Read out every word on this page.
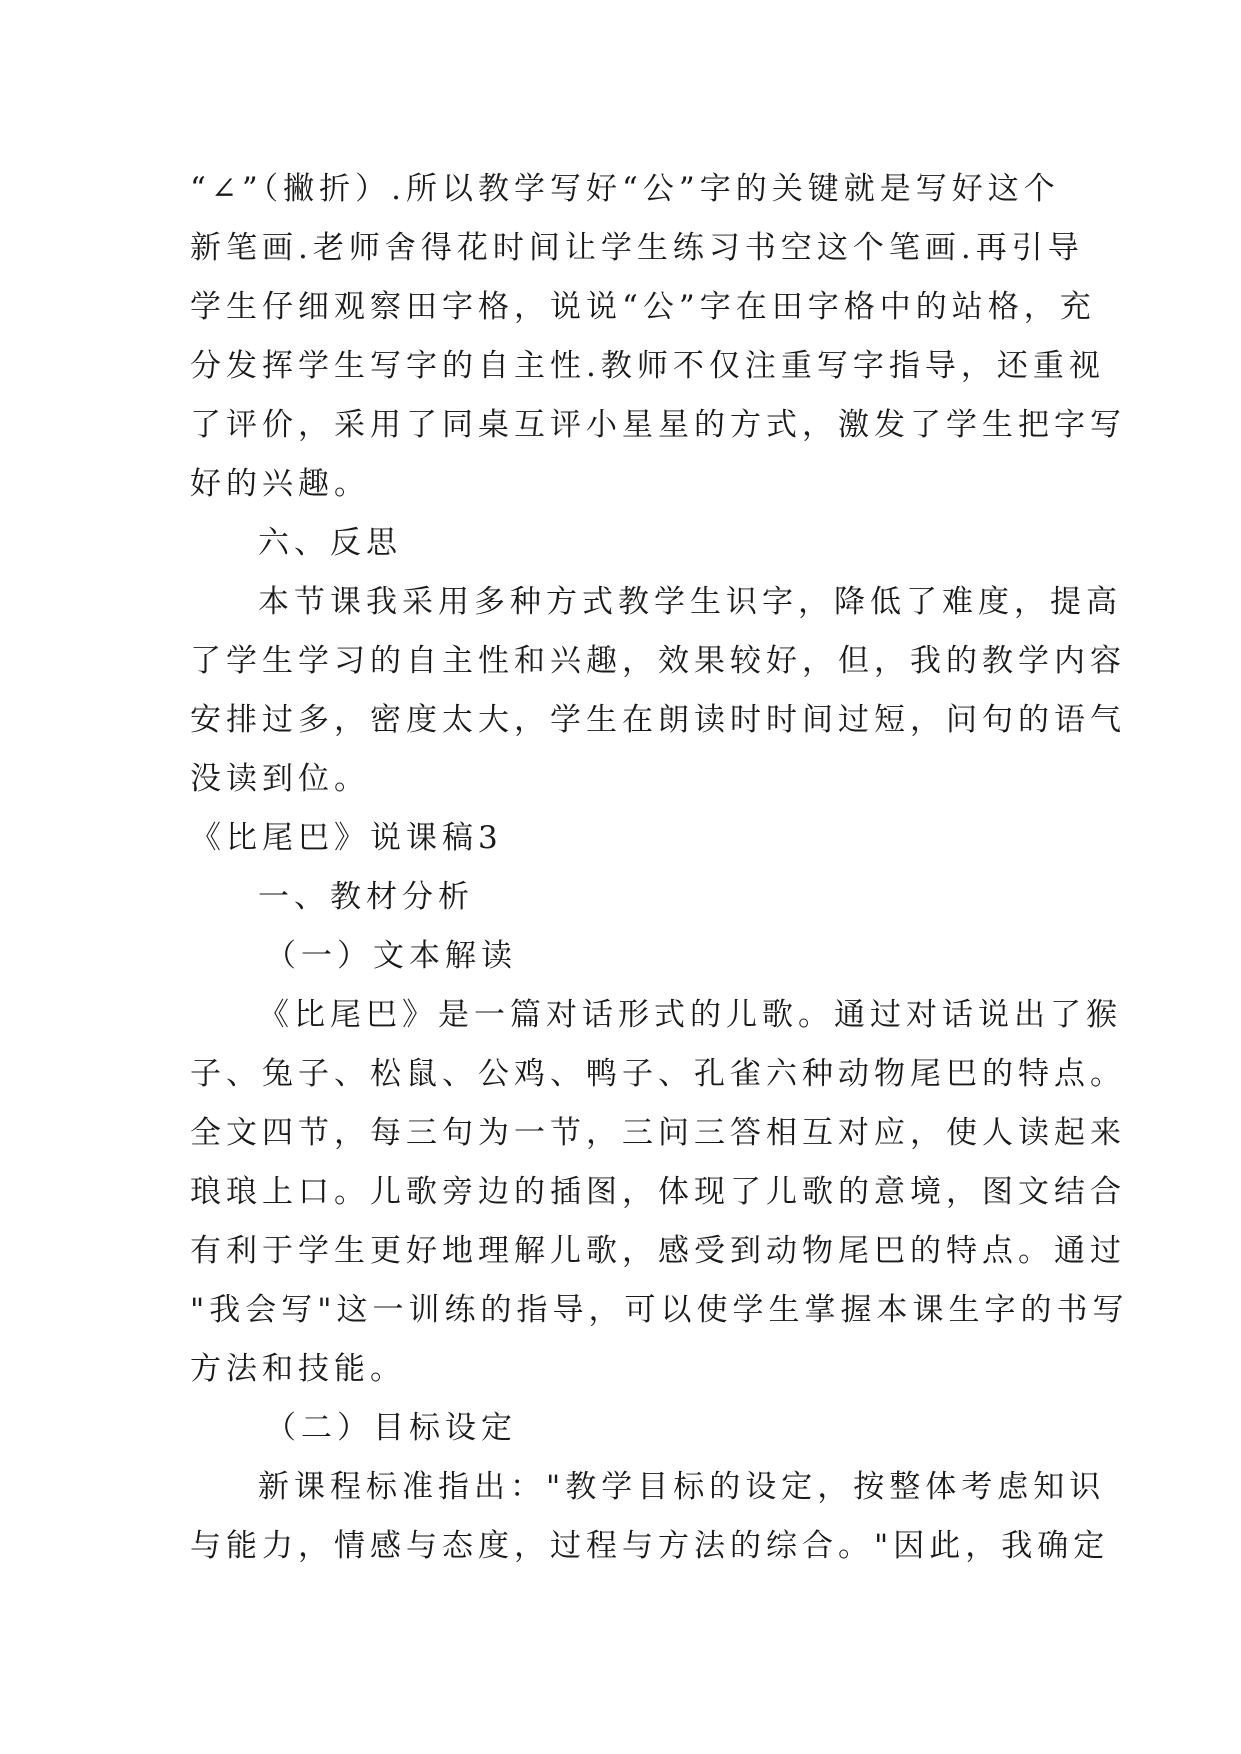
“∠”（撇折）.所以教学写好“公”字的关键就是写好这个
新笔画.老师舍得花时间让学生练习书空这个笔画.再引导
学生仔细观察田字格，说说“公”字在田字格中的站格，充
分发挥学生写字的自主性.教师不仅注重写字指导，还重视
了评价，采用了同桌互评小星星的方式，激发了学生把字写
好的兴趣。
六、反思
本节课我采用多种方式教学生识字，降低了难度，提高
了学生学习的自主性和兴趣，效果较好，但，我的教学内容
安排过多，密度太大，学生在朗读时时间过短，问句的语气
没读到位。
《比尾巴》说课稿3
一、教材分析
（一）文本解读
《比尾巴》是一篇对话形式的儿歌。通过对话说出了猴
子、兔子、松鼠、公鸡、鸭子、孔雀六种动物尾巴的特点。
全文四节，每三句为一节，三问三答相互对应，使人读起来
琅琅上口。儿歌旁边的插图，体现了儿歌的意境，图文结合
有利于学生更好地理解儿歌，感受到动物尾巴的特点。通过
"我会写"这一训练的指导，可以使学生掌握本课生字的书写
方法和技能。
（二）目标设定
新课程标准指出："教学目标的设定，按整体考虑知识
与能力，情感与态度，过程与方法的综合。"因此，我确定
